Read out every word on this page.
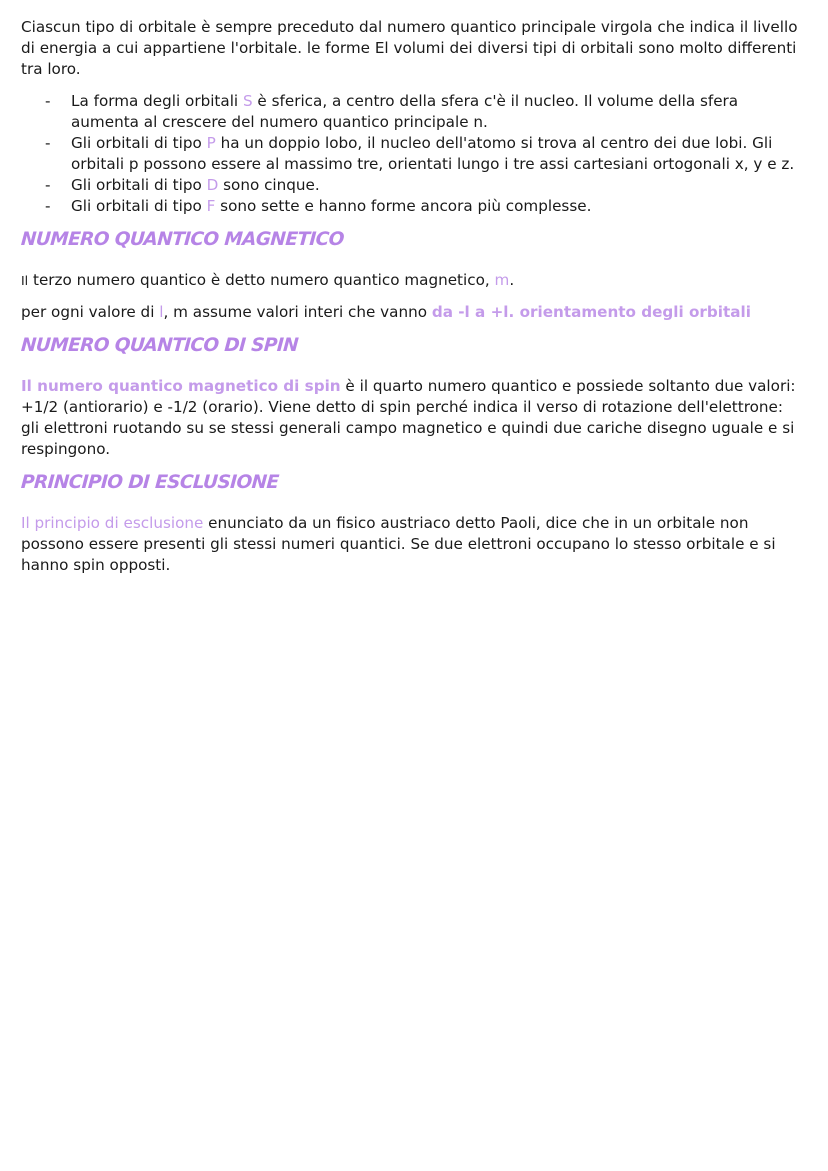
Ciascun tipo di orbitale è sempre preceduto dal numero quantico principale virgola che indica il livello di energia a cui appartiene l'orbitale. le forme El volumi dei diversi tipi di orbitali sono molto differenti tra loro.

- La forma degli orbitali S è sferica, a centro della sfera c'è il nucleo. Il volume della sfera aumenta al crescere del numero quantico principale n.
- Gli orbitali di tipo P ha un doppio lobo, il nucleo dell'atomo si trova al centro dei due lobi. Gli orbitali p possono essere al massimo tre, orientati lungo i tre assi cartesiani ortogonali x, y e z.
- Gli orbitali di tipo D sono cinque.
- Gli orbitali di tipo F sono sette e hanno forme ancora più complesse.
NUMERO QUANTICO MAGNETICO

Il terzo numero quantico è detto numero quantico magnetico, m.

per ogni valore di l, m assume valori interi che vanno da -l a +l. orientamento degli orbitali

NUMERO QUANTICO DI SPIN

Il numero quantico magnetico di spin è il quarto numero quantico e possiede soltanto due valori: +1/2 (antiorario) e -1/2 (orario). Viene detto di spin perché indica il verso di rotazione dell'elettrone: gli elettroni ruotando su se stessi generali campo magnetico e quindi due cariche disegno uguale e si respingono.

PRINCIPIO DI ESCLUSIONE

Il principio di esclusione enunciato da un fisico austriaco detto Paoli, dice che in un orbitale non possono essere presenti gli stessi numeri quantici. Se due elettroni occupano lo stesso orbitale e si hanno spin opposti.
